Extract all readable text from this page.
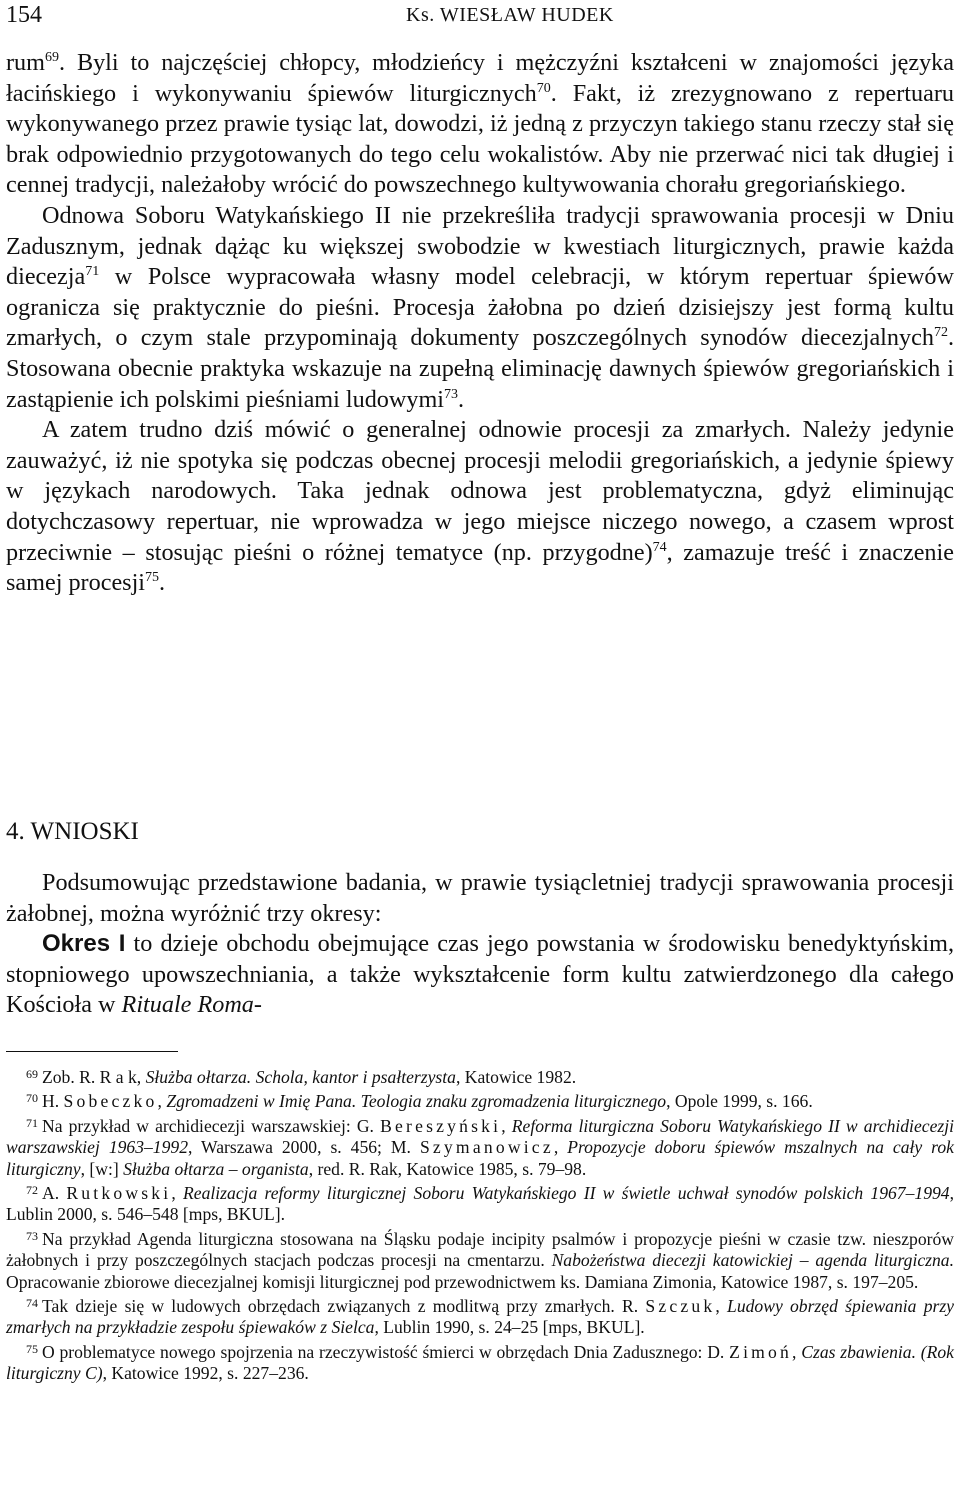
154	Ks. WIESŁAW HUDEK

rum$^{69}$. Byli to najczęściej chłopcy, młodzieńcy i mężczyźni kształceni w znajomości języka łacińskiego i wykonywaniu śpiewów liturgicznych$^{70}$. Fakt, iż zrezygnowano z repertuaru wykonywanego przez prawie tysiąc lat, dowodzi, iż jedną z przyczyn takiego stanu rzeczy stał się brak odpowiednio przygotowanych do tego celu wokalistów. Aby nie przerwać nici tak długiej i cennej tradycji, należałoby wrócić do powszechnego kultywowania chorału gregoriańskiego.

Odnowa Soboru Watykańskiego II nie przekreśliła tradycji sprawowania procesji w Dniu Zadusznym, jednak dążąc ku większej swobodzie w kwestiach liturgicznych, prawie każda diecezja$^{71}$ w Polsce wypracowała własny model celebracji, w którym repertuar śpiewów ogranicza się praktycznie do pieśni. Procesja żałobna po dzień dzisiejszy jest formą kultu zmarłych, o czym stale przypominają dokumenty poszczególnych synodów diecezjalnych$^{72}$. Stosowana obecnie praktyka wskazuje na zupełną eliminację dawnych śpiewów gregoriańskich i zastąpienie ich polskimi pieśniami ludowymi$^{73}$.

A zatem trudno dziś mówić o generalnej odnowie procesji za zmarłych. Należy jedynie zauważyć, iż nie spotyka się podczas obecnej procesji melodii gregoriańskich, a jedynie śpiewy w językach narodowych. Taka jednak odnowa jest problematyczna, gdyż eliminując dotychczasowy repertuar, nie wprowadza w jego miejsce niczego nowego, a czasem wprost przeciwnie – stosując pieśni o różnej tematyce (np. przygodne)$^{74}$, zamazuje treść i znaczenie samej procesji$^{75}$.

4. WNIOSKI

Podsumowując przedstawione badania, w prawie tysiącletniej tradycji sprawowania procesji żałobnej, można wyróżnić trzy okresy:

Okres I to dzieje obchodu obejmujące czas jego powstania w środowisku benedyktyńskim, stopniowego upowszechniania, a także wykształcenie form kultu zatwierdzonego dla całego Kościoła w Rituale Roma-

$^{69}$ Zob. R. R a k, Służba ołtarza. Schola, kantor i psałterzysta, Katowice 1982.

$^{70}$ H. Sobeczko, Zgromadzeni w Imię Pana. Teologia znaku zgromadzenia liturgicznego, Opole 1999, s. 166.

$^{71}$ Na przykład w archidiecezji warszawskiej: G. Bereszyński, Reforma liturgiczna Soboru Watykańskiego II w archidiecezji warszawskiej 1963–1992, Warszawa 2000, s. 456; M. Szymanowicz, Propozycje doboru śpiewów mszalnych na cały rok liturgiczny, [w:] Służba ołtarza – organista, red. R. Rak, Katowice 1985, s. 79–98.

$^{72}$ A. Rutkowski, Realizacja reformy liturgicznej Soboru Watykańskiego II w świetle uchwał synodów polskich 1967–1994, Lublin 2000, s. 546–548 [mps, BKUL].

$^{73}$ Na przykład Agenda liturgiczna stosowana na Śląsku podaje incipity psalmów i propozycje pieśni w czasie tzw. nieszporów żałobnych i przy poszczególnych stacjach podczas procesji na cmentarzu. Nabożeństwa diecezji katowickiej – agenda liturgiczna. Opracowanie zbiorowe diecezjalnej komisji liturgicznej pod przewodnictwem ks. Damiana Zimonia, Katowice 1987, s. 197–205.

$^{74}$ Tak dzieje się w ludowych obrzędach związanych z modlitwą przy zmarłych. R. Szczuk, Ludowy obrzęd śpiewania przy zmarłych na przykładzie zespołu śpiewaków z Sielca, Lublin 1990, s. 24–25 [mps, BKUL].

$^{75}$ O problematyce nowego spojrzenia na rzeczywistość śmierci w obrzędach Dnia Zadusznego: D. Zimoń, Czas zbawienia. (Rok liturgiczny C), Katowice 1992, s. 227–236.
